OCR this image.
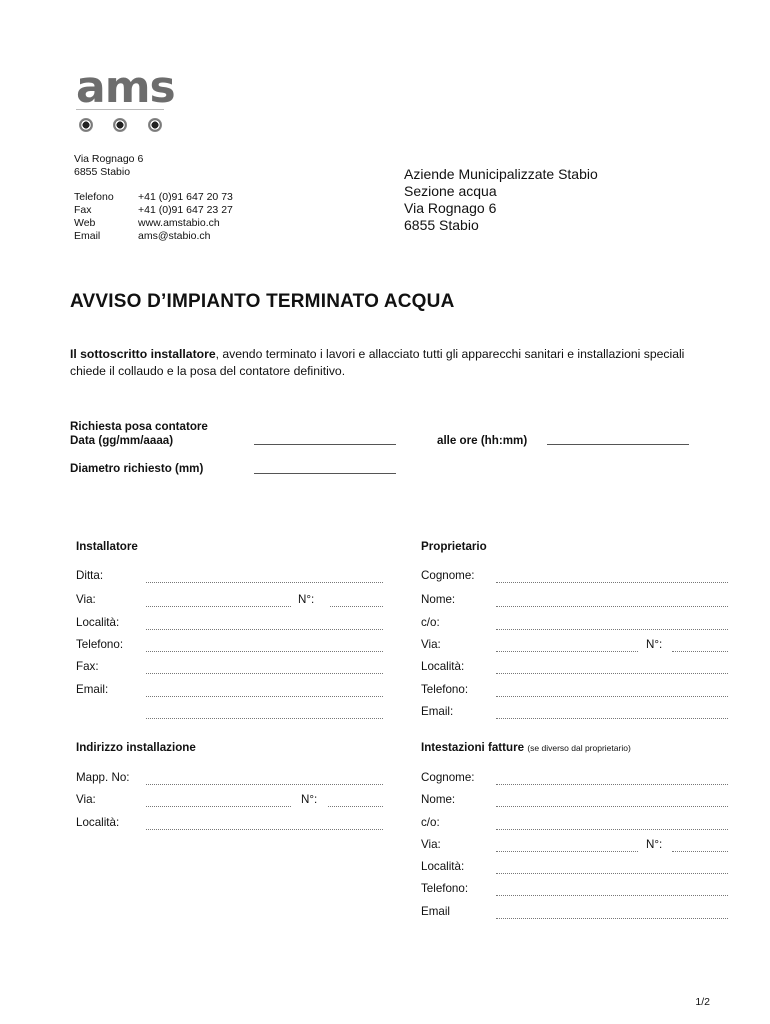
ams
Via Rognago 6
6855 Stabio
Telefono +41 (0)91 647 20 73
Fax	+41 (0)91 647 23 27
Web	www.amstabio.ch
Email	ams@stabio.ch
Aziende Municipalizzate Stabio
Sezione acqua
Via Rognago 6
6855 Stabio
AVVISO D’IMPIANTO TERMINATO ACQUA
Il sottoscritto installatore, avendo terminato i lavori e allacciato tutti gli apparecchi sanitari e installazioni speciali chiede il collaudo e la posa del contatore definitivo.
Richiesta posa contatore
Data (gg/mm/aaaa)	alle ore (hh:mm)
Diametro richiesto (mm)
Installatore
Ditta:
Via:	N°:
Località:
Telefono:
Fax:
Email:
Proprietario
Cognome:
Nome:
c/o:
Via:	N°:
Località:
Telefono:
Email:
Indirizzo installazione
Mapp. No:
Via:	N°:
Località:
Intestazioni fatture (se diverso dal proprietario)
Cognome:
Nome:
c/o:
Via:	N°:
Località:
Telefono:
Email
1/2
